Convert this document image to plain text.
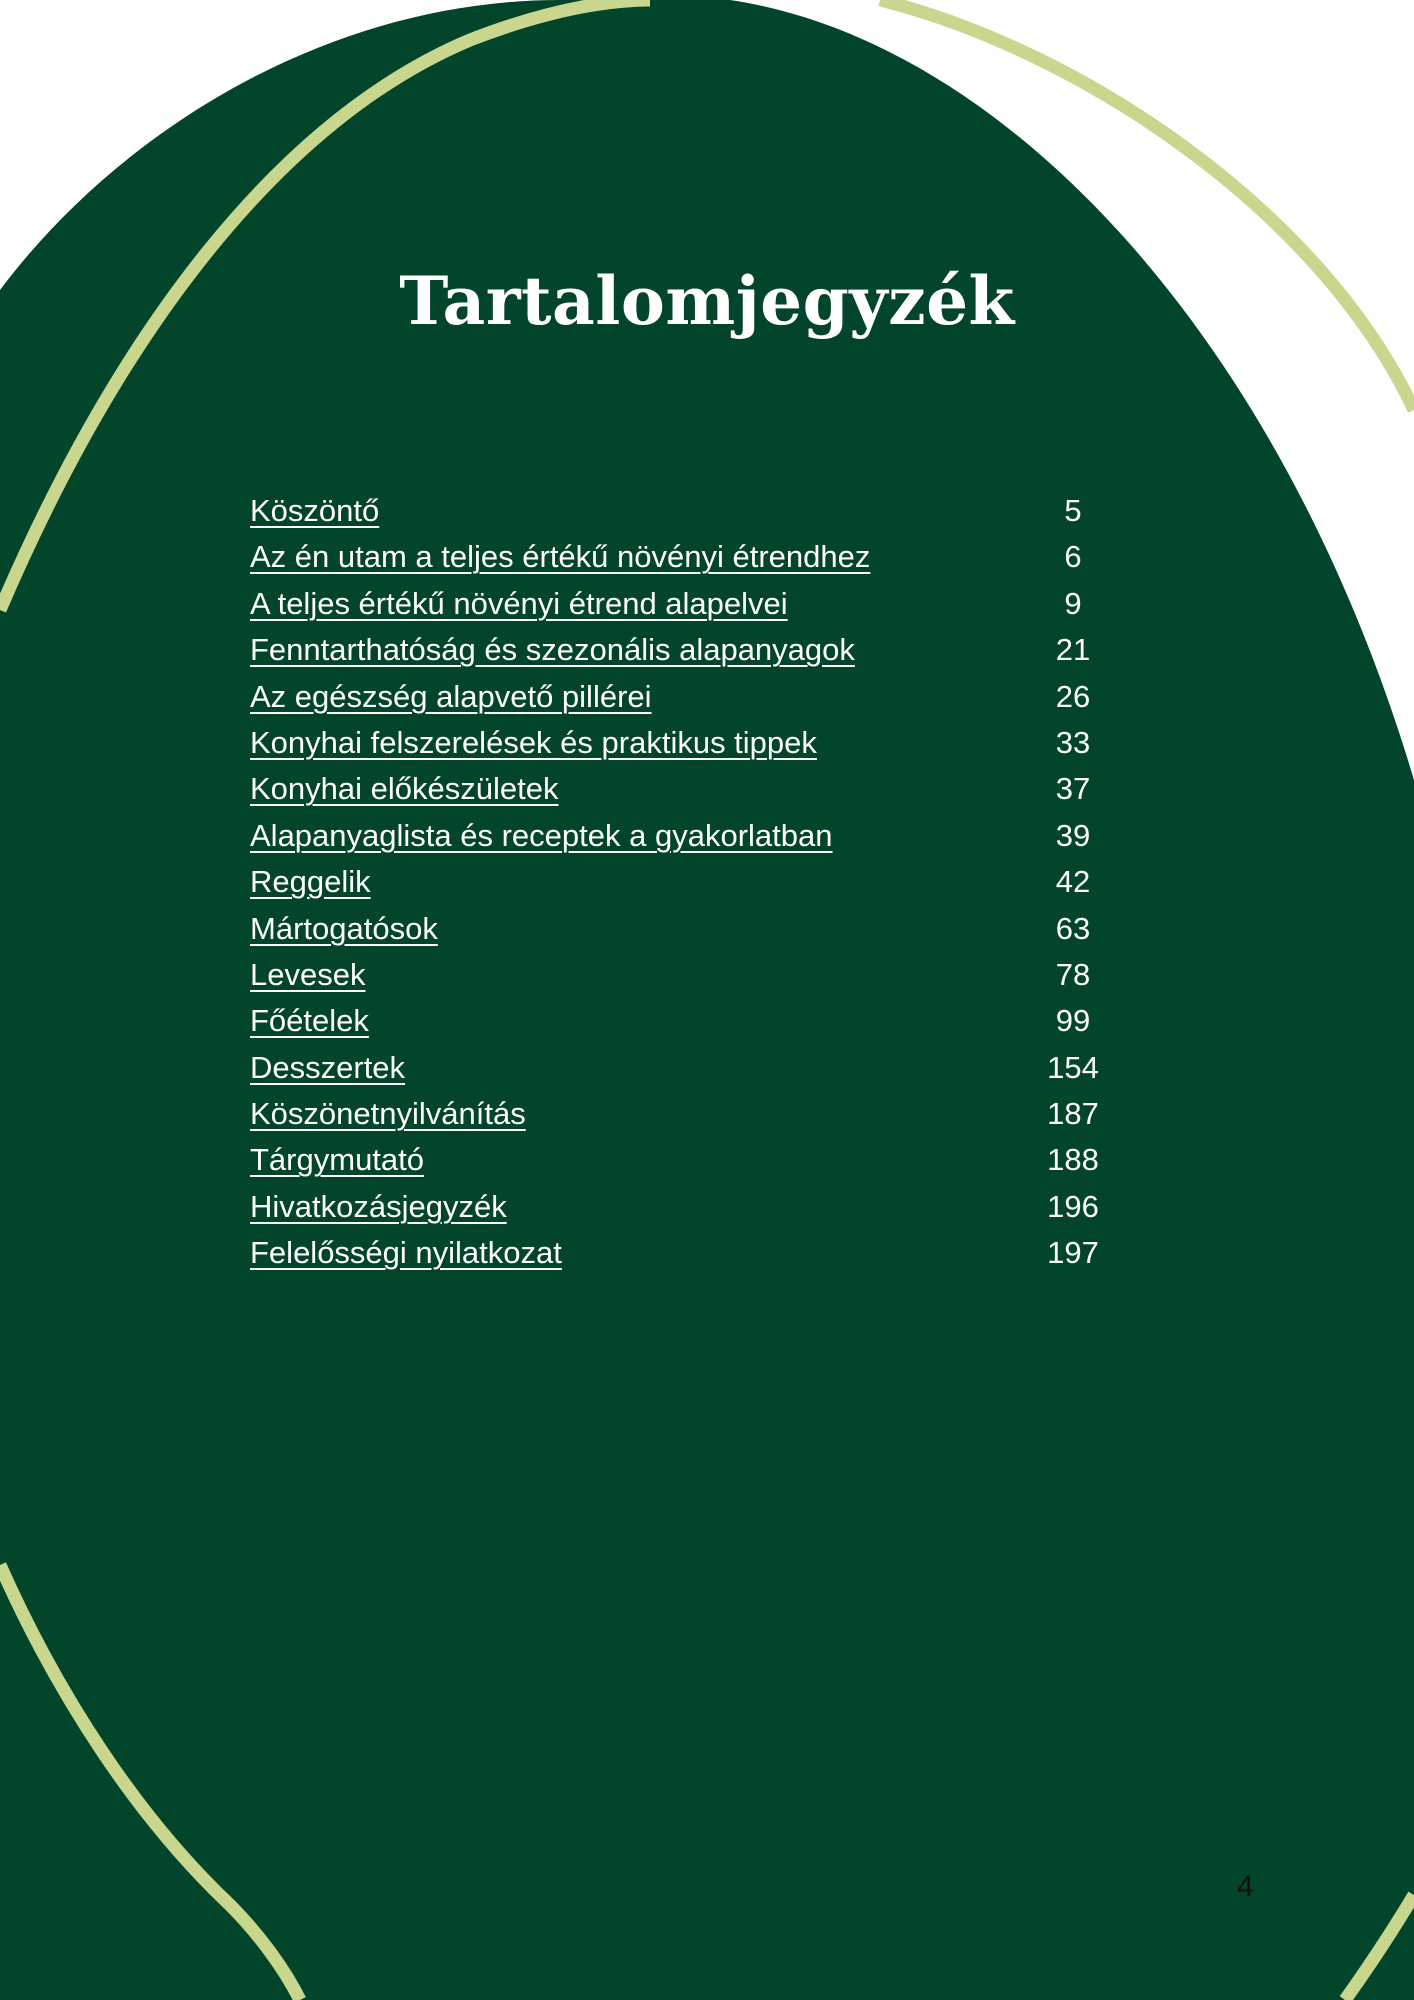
Tartalomjegyzék
Köszöntő	5
Az én utam a teljes értékű növényi étrendhez	6
A teljes értékű növényi étrend alapelvei	9
Fenntarthatóság és szezonális alapanyagok	21
Az egészség alapvető pillérei	26
Konyhai felszerelések és praktikus tippek	33
Konyhai előkészületek	37
Alapanyaglista és receptek a gyakorlatban	39
Reggelik	42
Mártogatósok	63
Levesek	78
Főételek	99
Desszertek	154
Köszönetnyilvánítás	187
Tárgymutató	188
Hivatkozásjegyzék	196
Felelősségi nyilatkozat	197
4
